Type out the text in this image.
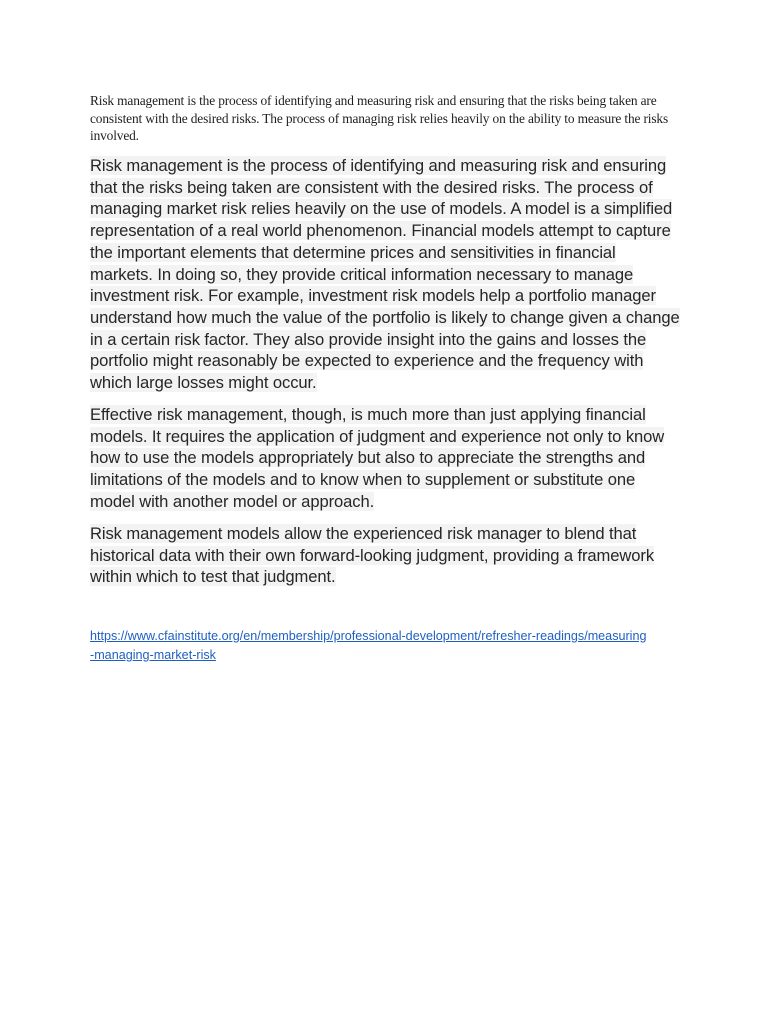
Risk management is the process of identifying and measuring risk and ensuring that the risks being taken are consistent with the desired risks. The process of managing risk relies heavily on the ability to measure the risks involved.

Risk management is the process of identifying and measuring risk and ensuring that the risks being taken are consistent with the desired risks. The process of managing market risk relies heavily on the use of models. A model is a simplified representation of a real world phenomenon. Financial models attempt to capture the important elements that determine prices and sensitivities in financial markets. In doing so, they provide critical information necessary to manage investment risk. For example, investment risk models help a portfolio manager understand how much the value of the portfolio is likely to change given a change in a certain risk factor. They also provide insight into the gains and losses the portfolio might reasonably be expected to experience and the frequency with which large losses might occur.

Effective risk management, though, is much more than just applying financial models. It requires the application of judgment and experience not only to know how to use the models appropriately but also to appreciate the strengths and limitations of the models and to know when to supplement or substitute one model with another model or approach.

Risk management models allow the experienced risk manager to blend that historical data with their own forward-looking judgment, providing a framework within which to test that judgment.

https://www.cfainstitute.org/en/membership/professional-development/refresher-readings/measuring-managing-market-risk
